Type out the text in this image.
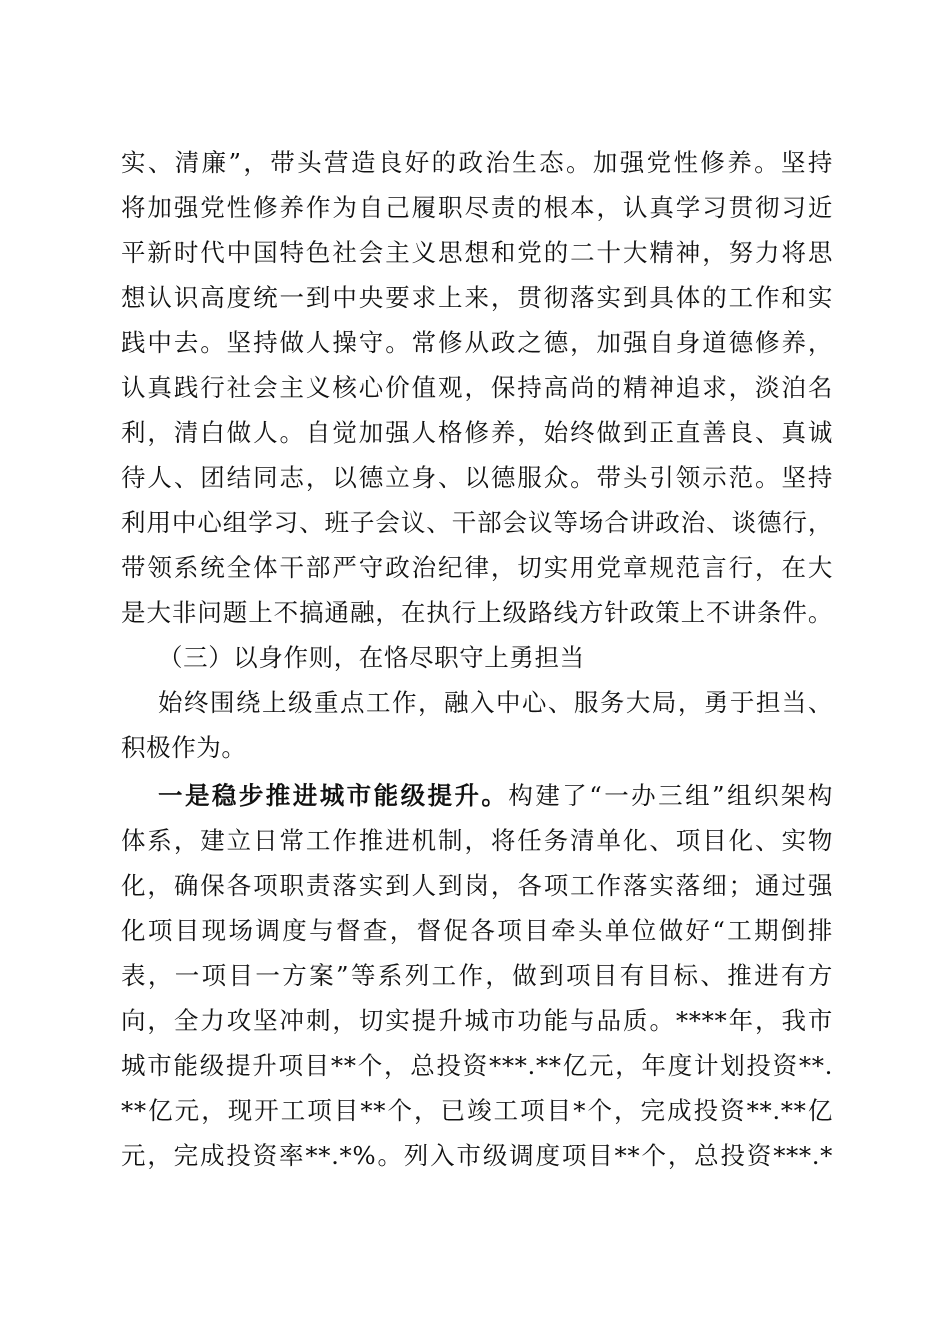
实、清廉”，带头营造良好的政治生态。加强党性修养。坚持
将加强党性修养作为自己履职尽责的根本，认真学习贯彻习近
平新时代中国特色社会主义思想和党的二十大精神，努力将思
想认识高度统一到中央要求上来，贯彻落实到具体的工作和实
践中去。坚持做人操守。常修从政之德，加强自身道德修养，
认真践行社会主义核心价值观，保持高尚的精神追求，淡泊名
利，清白做人。自觉加强人格修养，始终做到正直善良、真诚
待人、团结同志，以德立身、以德服众。带头引领示范。坚持
利用中心组学习、班子会议、干部会议等场合讲政治、谈德行，
带领系统全体干部严守政治纪律，切实用党章规范言行，在大
是大非问题上不搞通融，在执行上级路线方针政策上不讲条件。
（三）以身作则，在恪尽职守上勇担当
始终围绕上级重点工作，融入中心、服务大局，勇于担当、
积极作为。
一是稳步推进城市能级提升。构建了“一办三组”组织架构
体系，建立日常工作推进机制，将任务清单化、项目化、实物
化，确保各项职责落实到人到岗，各项工作落实落细；通过强
化项目现场调度与督查，督促各项目牵头单位做好“工期倒排
表，一项目一方案”等系列工作，做到项目有目标、推进有方
向，全力攻坚冲刺，切实提升城市功能与品质。****年，我市
城市能级提升项目**个，总投资***.**亿元，年度计划投资**.
**亿元，现开工项目**个，已竣工项目*个，完成投资**.**亿
元，完成投资率**.*%。列入市级调度项目**个，总投资***.*
